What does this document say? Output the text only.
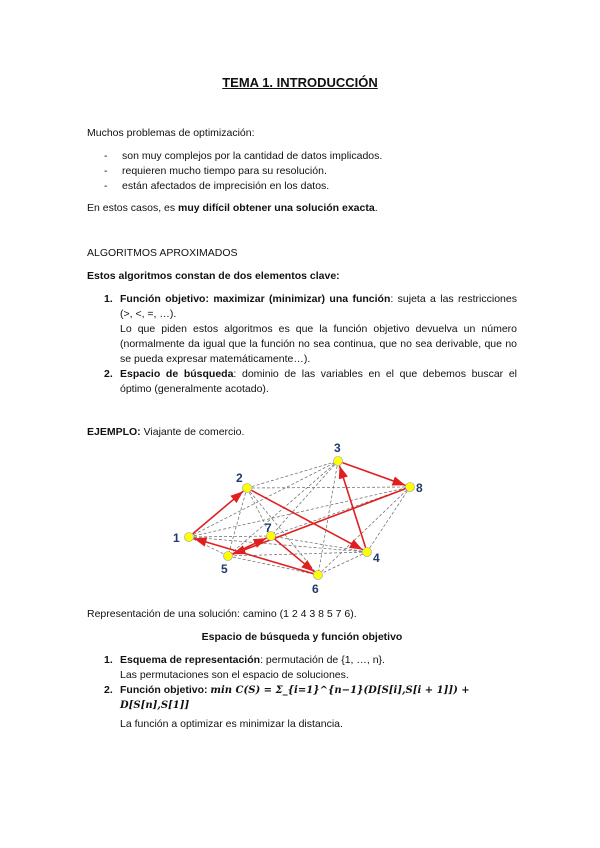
TEMA 1. INTRODUCCIÓN
Muchos problemas de optimización:
-	son muy complejos por la cantidad de datos implicados.
-	requieren mucho tiempo para su resolución.
-	están afectados de imprecisión en los datos.
En estos casos, es muy difícil obtener una solución exacta.
ALGORITMOS APROXIMADOS
Estos algoritmos constan de dos elementos clave:
1. Función objetivo: maximizar (minimizar) una función: sujeta a las restricciones (>, <, =, …).
Lo que piden estos algoritmos es que la función objetivo devuelva un número (normalmente da igual que la función no sea continua, que no sea derivable, que no se pueda expresar matemáticamente…).
2. Espacio de búsqueda: dominio de las variables en el que debemos buscar el óptimo (generalmente acotado).
EJEMPLO: Viajante de comercio.
1
2
3
4
5
6
7
8
Representación de una solución: camino (1 2 4 3 8 5 7 6).
Espacio de búsqueda y función objetivo
1. Esquema de representación: permutación de {1, …, n}.
Las permutaciones son el espacio de soluciones.
2. Función objetivo: min C(S) = Σ_{i=1}^{n−1}(D[S[i],S[i + 1]]) + D[S[n],S[1]]
La función a optimizar es minimizar la distancia.
